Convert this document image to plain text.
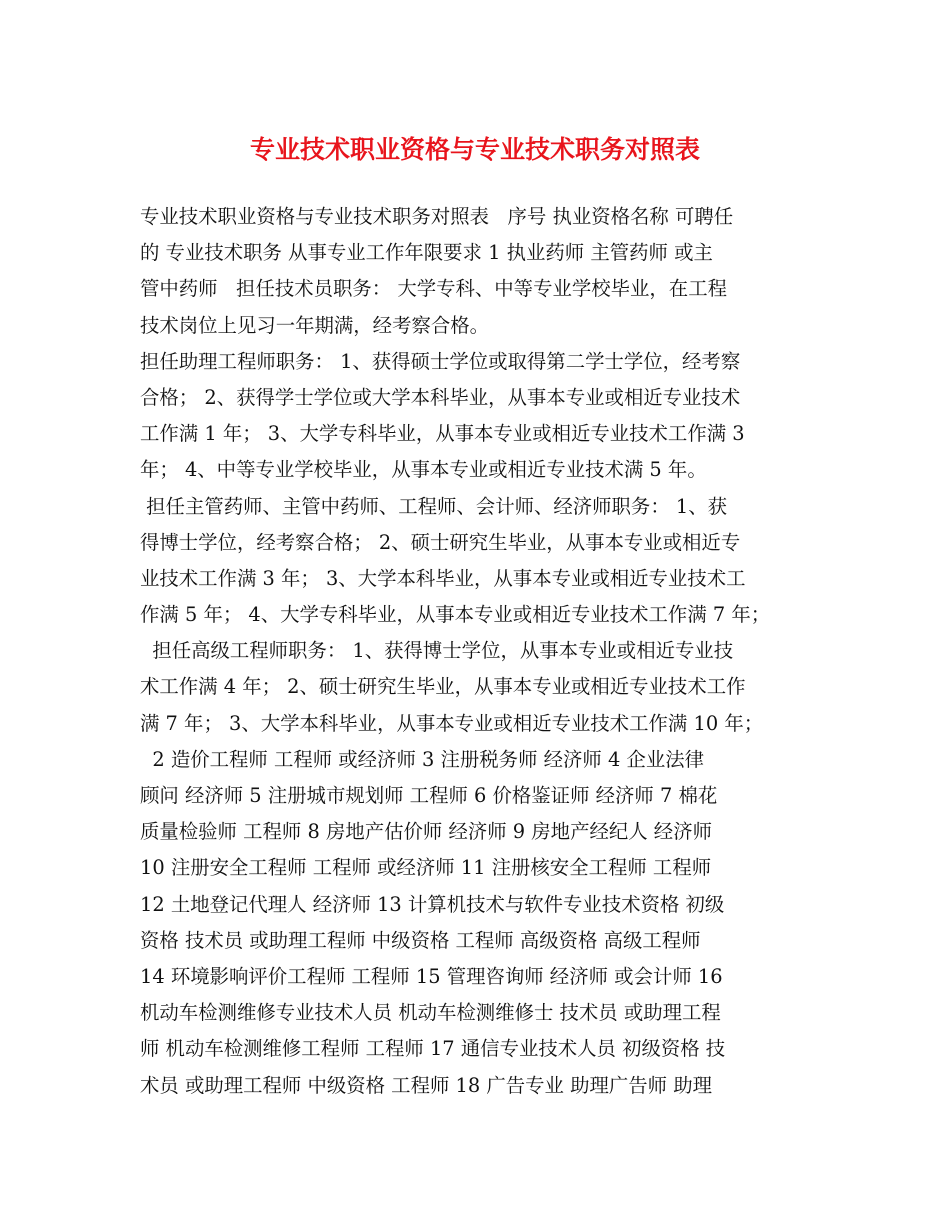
专业技术职业资格与专业技术职务对照表
专业技术职业资格与专业技术职务对照表   序号 执业资格名称 可聘任
的 专业技术职务 从事专业工作年限要求 1 执业药师 主管药师 或主
管中药师   担任技术员职务： 大学专科、中等专业学校毕业，在工程
技术岗位上见习一年期满，经考察合格。
担任助理工程师职务： 1、获得硕士学位或取得第二学士学位，经考察
合格； 2、获得学士学位或大学本科毕业，从事本专业或相近专业技术
工作满 1 年； 3、大学专科毕业，从事本专业或相近专业技术工作满 3
年； 4、中等专业学校毕业，从事本专业或相近专业技术满 5 年。
担任主管药师、主管中药师、工程师、会计师、经济师职务： 1、获
得博士学位，经考察合格； 2、硕士研究生毕业，从事本专业或相近专
业技术工作满 3 年； 3、大学本科毕业，从事本专业或相近专业技术工
作满 5 年； 4、大学专科毕业，从事本专业或相近专业技术工作满 7 年；
担任高级工程师职务： 1、获得博士学位，从事本专业或相近专业技
术工作满 4 年； 2、硕士研究生毕业，从事本专业或相近专业技术工作
满 7 年； 3、大学本科毕业，从事本专业或相近专业技术工作满 10 年；
2 造价工程师 工程师 或经济师 3 注册税务师 经济师 4 企业法律
顾问 经济师 5 注册城市规划师 工程师 6 价格鉴证师 经济师 7 棉花
质量检验师 工程师 8 房地产估价师 经济师 9 房地产经纪人 经济师
10 注册安全工程师 工程师 或经济师 11 注册核安全工程师 工程师
12 土地登记代理人 经济师 13 计算机技术与软件专业技术资格 初级
资格 技术员 或助理工程师 中级资格 工程师 高级资格 高级工程师
14 环境影响评价工程师 工程师 15 管理咨询师 经济师 或会计师 16
机动车检测维修专业技术人员 机动车检测维修士 技术员 或助理工程
师 机动车检测维修工程师 工程师 17 通信专业技术人员 初级资格 技
术员 或助理工程师 中级资格 工程师 18 广告专业 助理广告师 助理
